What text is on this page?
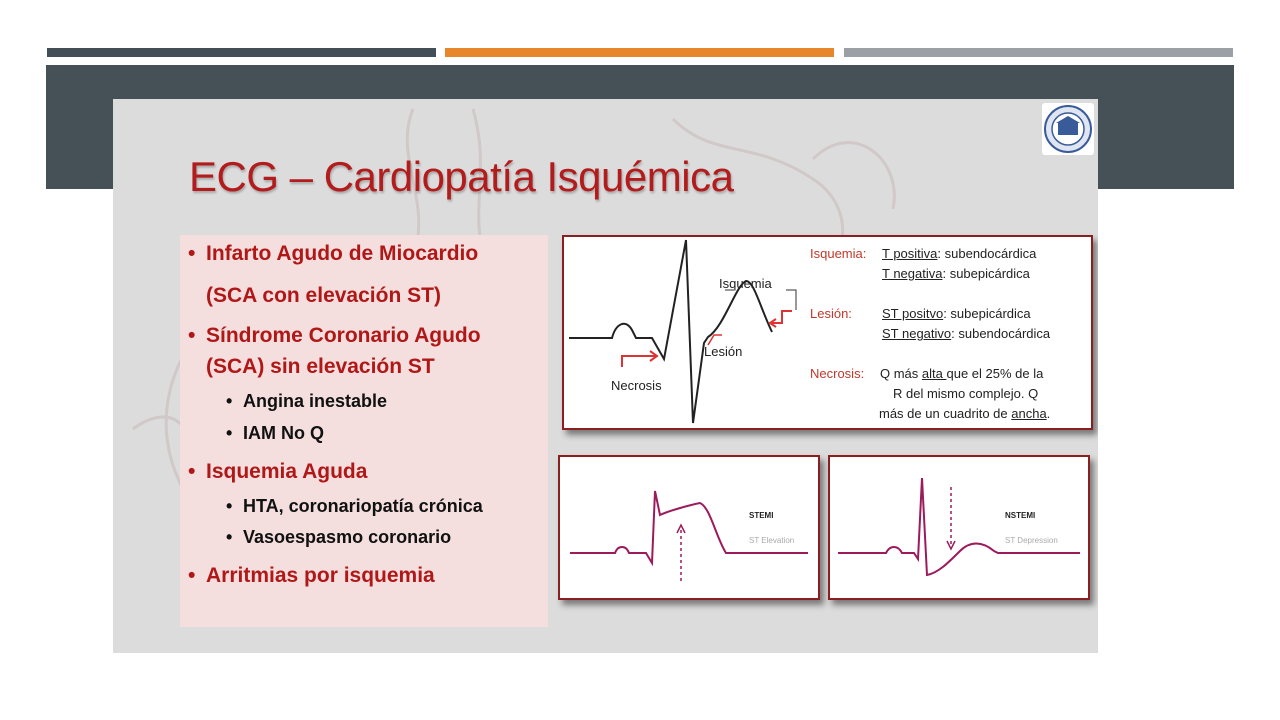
ECG – Cardiopatía Isquémica
Infarto Agudo de Miocardio
(SCA con elevación ST)
Síndrome Coronario Agudo
(SCA) sin elevación ST
Angina inestable
IAM No Q
Isquemia Aguda
HTA, coronariopatía crónica
Vasoespasmo coronario
Arritmias por isquemia
Isquemia
Lesión
Necrosis
Isquemia: T positiva: subendocárdica
T negativa: subepicárdica
Lesión: ST positvo: subepicárdica
ST negativo: subendocárdica
Necrosis: Q más alta que el 25% de la
R del mismo complejo. Q
más de un cuadrito de ancha.
STEMI
ST Elevation
NSTEMI
ST Depression
